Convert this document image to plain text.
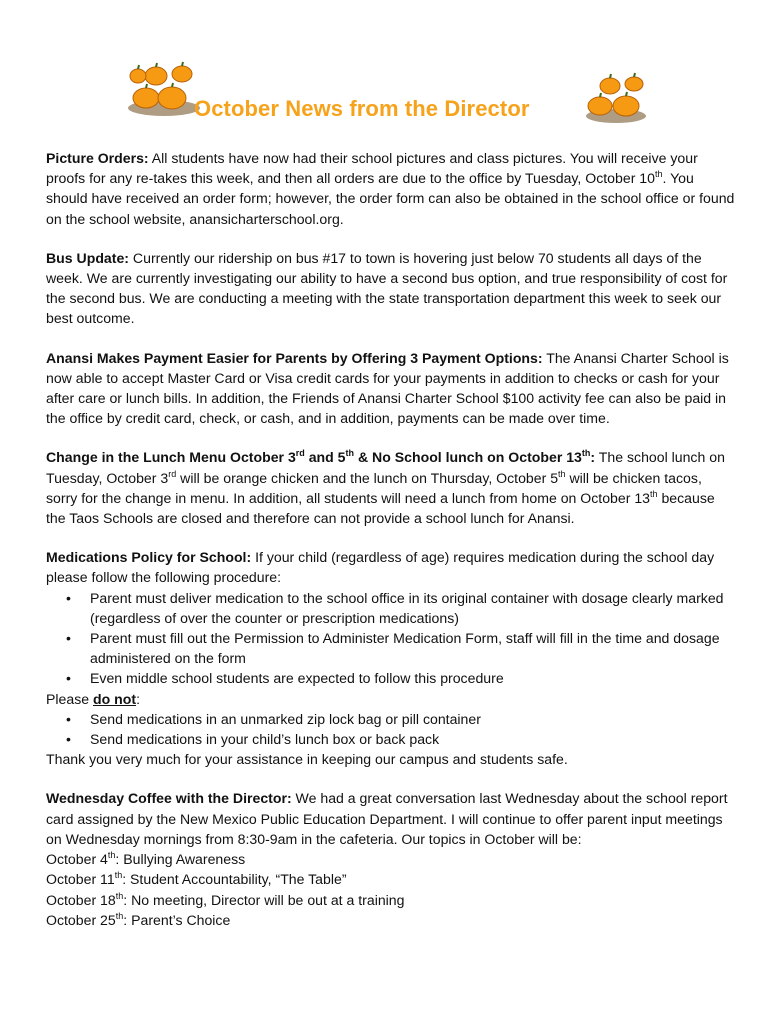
October News from the Director

Picture Orders: All students have now had their school pictures and class pictures. You will receive your proofs for any re-takes this week, and then all orders are due to the office by Tuesday, October 10th. You should have received an order form; however, the order form can also be obtained in the school office or found on the school website, anansicharterschool.org.

Bus Update: Currently our ridership on bus #17 to town is hovering just below 70 students all days of the week. We are currently investigating our ability to have a second bus option, and true responsibility of cost for the second bus. We are conducting a meeting with the state transportation department this week to seek our best outcome.

Anansi Makes Payment Easier for Parents by Offering 3 Payment Options: The Anansi Charter School is now able to accept Master Card or Visa credit cards for your payments in addition to checks or cash for your after care or lunch bills. In addition, the Friends of Anansi Charter School $100 activity fee can also be paid in the office by credit card, check, or cash, and in addition, payments can be made over time.

Change in the Lunch Menu October 3rd and 5th & No School lunch on October 13th: The school lunch on Tuesday, October 3rd will be orange chicken and the lunch on Thursday, October 5th will be chicken tacos, sorry for the change in menu. In addition, all students will need a lunch from home on October 13th because the Taos Schools are closed and therefore can not provide a school lunch for Anansi.

Medications Policy for School: If your child (regardless of age) requires medication during the school day please follow the following procedure:
• Parent must deliver medication to the school office in its original container with dosage clearly marked (regardless of over the counter or prescription medications)
• Parent must fill out the Permission to Administer Medication Form, staff will fill in the time and dosage administered on the form
• Even middle school students are expected to follow this procedure
Please do not:
• Send medications in an unmarked zip lock bag or pill container
• Send medications in your child’s lunch box or back pack
Thank you very much for your assistance in keeping our campus and students safe.
Wednesday Coffee with the Director: We had a great conversation last Wednesday about the school report card assigned by the New Mexico Public Education Department. I will continue to offer parent input meetings on Wednesday mornings from 8:30-9am in the cafeteria. Our topics in October will be:
October 4th: Bullying Awareness
October 11th: Student Accountability, “The Table”
October 18th: No meeting, Director will be out at a training
October 25th: Parent’s Choice
